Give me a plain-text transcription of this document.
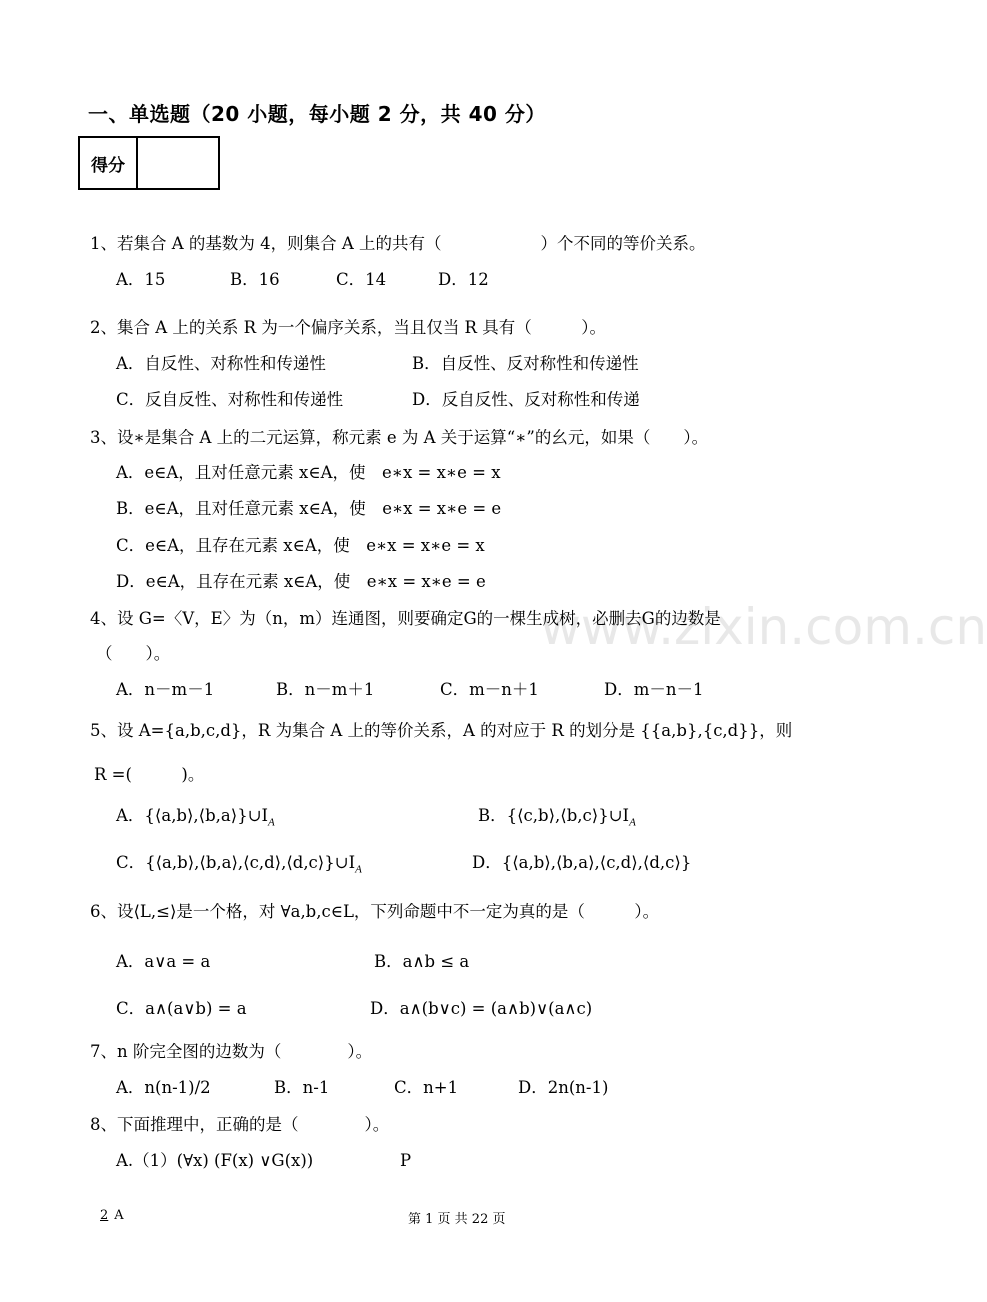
一、单选题（20 小题，每小题 2 分，共 40 分）
得分
1、若集合 A 的基数为 4，则集合 A 上的共有（　　　　　　）个不同的等价关系。
A．15	B．16	C．14	D．12
2、集合 A 上的关系 R 为一个偏序关系，当且仅当 R 具有（　　　）。
A．自反性、对称性和传递性	B．自反性、反对称性和传递性
C．反自反性、对称性和传递性	D．反自反性、反对称性和传递
3、设∗是集合 A 上的二元运算，称元素 e 为 A 关于运算“∗”的幺元，如果（　　）。
A．e∈A，且对任意元素 x∈A，使　e∗x = x∗e = x
B．e∈A，且对任意元素 x∈A，使　e∗x = x∗e = e
C．e∈A，且存在元素 x∈A，使　e∗x = x∗e = x
D．e∈A，且存在元素 x∈A，使　e∗x = x∗e = e
www.zixin.com.cn
4、设 G=〈V，E〉为（n，m）连通图，则要确定G的一棵生成树，必删去G的边数是
（　　）。
A．n－m－1	B．n－m＋1	C．m－n＋1	D．m－n－1
5、设 A={a,b,c,d}，R 为集合 A 上的等价关系，A 的对应于 R 的划分是 {{a,b},{c,d}}，则
R =(　　　)。
A．$\{⟨a,b⟩,⟨b,a⟩\}\cup I_A$	B．$\{⟨c,b⟩,⟨b,c⟩\}\cup I_A$
C．$\{⟨a,b⟩,⟨b,a⟩,⟨c,d⟩,⟨d,c⟩\}\cup I_A$	D．{⟨a,b⟩,⟨b,a⟩,⟨c,d⟩,⟨d,c⟩}
6、设⟨L,≤⟩是一个格，对 ∀a,b,c∈L，下列命题中不一定为真的是（　　　）。
A．a∨a = a	B．a∧b ≤ a
C．a∧(a∨b) = a	D．a∧(b∨c) = (a∧b)∨(a∧c)
7、n 阶完全图的边数为（　　　　）。
A．n(n-1)/2	B．n-1	C．n+1	D．2n(n-1)
8、下面推理中，正确的是（　　　　）。
A.（1）(∀x) (F(x) ∨G(x))	P
2 A	第 1 页 共 22 页
